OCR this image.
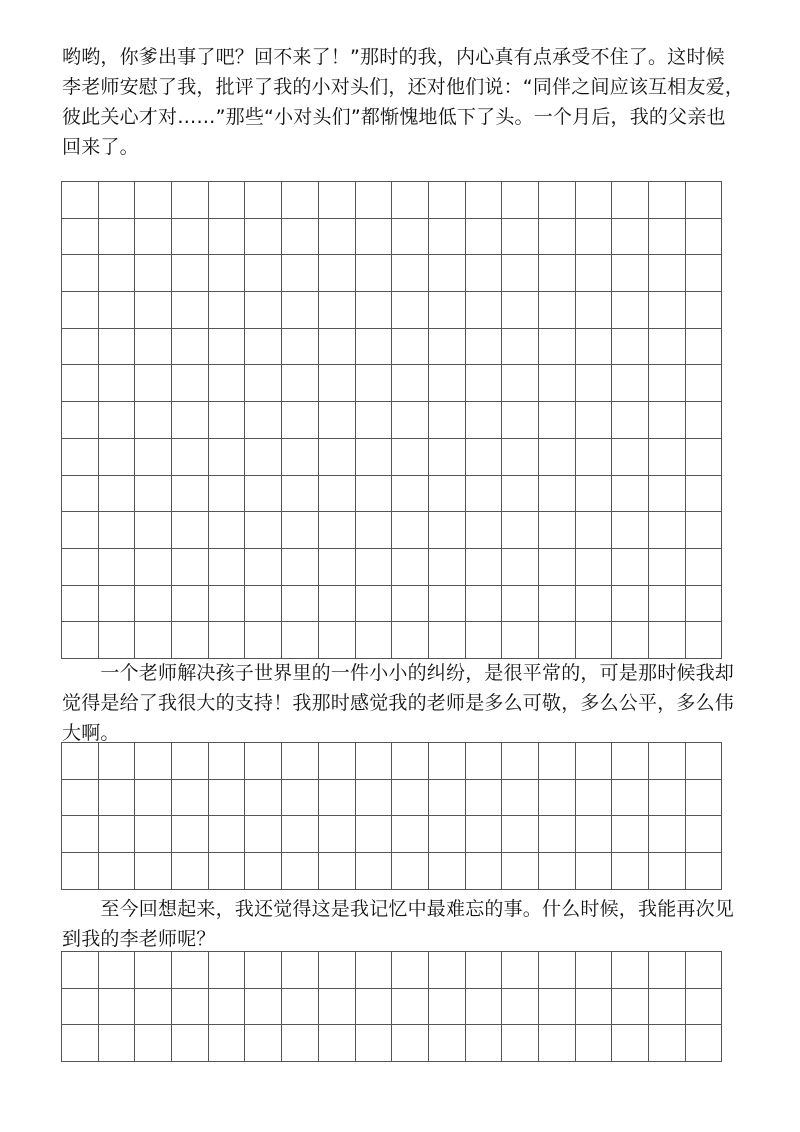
哟哟，你爹出事了吧？回不来了！”那时的我，内心真有点承受不住了。这时候
李老师安慰了我，批评了我的小对头们，还对他们说：“同伴之间应该互相友爱，
彼此关心才对……”那些“小对头们”都惭愧地低下了头。一个月后，我的父亲也
回来了。
　　一个老师解决孩子世界里的一件小小的纠纷，是很平常的，可是那时候我却
觉得是给了我很大的支持！我那时感觉我的老师是多么可敬，多么公平，多么伟
大啊。
　　至今回想起来，我还觉得这是我记忆中最难忘的事。什么时候，我能再次见
到我的李老师呢？
